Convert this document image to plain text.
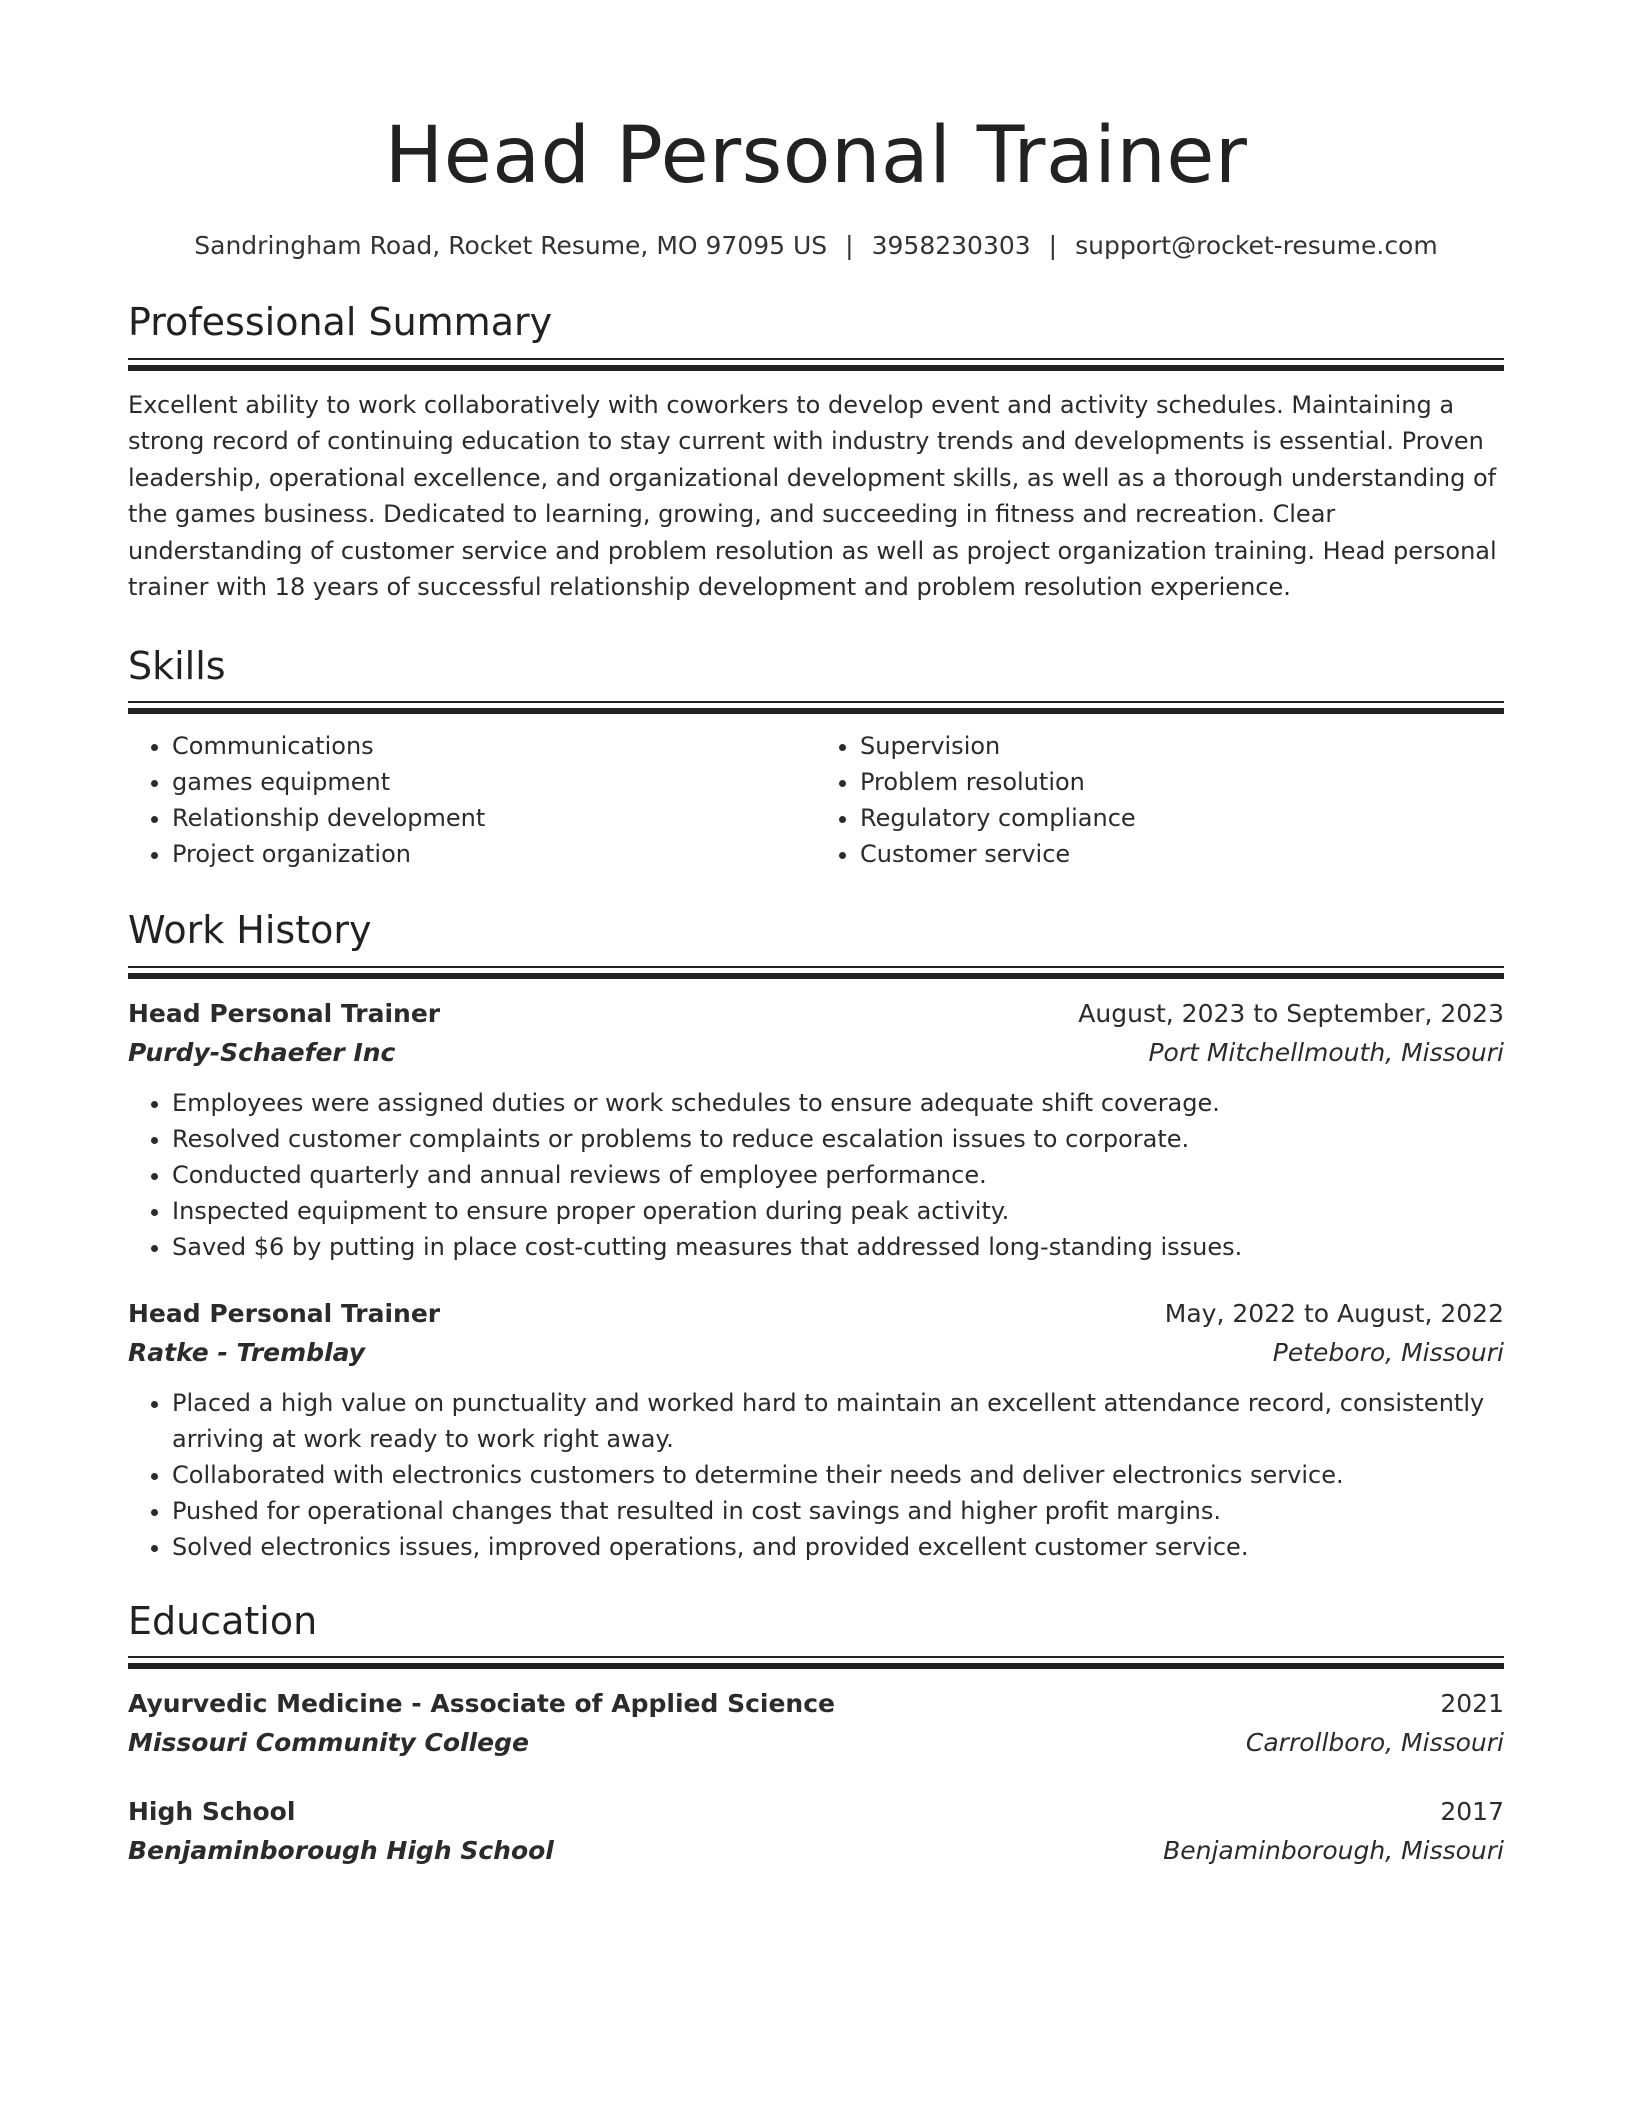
Head Personal Trainer
Sandringham Road, Rocket Resume, MO 97095 US | 3958230303 | support@rocket-resume.com
Professional Summary
Excellent ability to work collaboratively with coworkers to develop event and activity schedules. Maintaining a strong record of continuing education to stay current with industry trends and developments is essential. Proven leadership, operational excellence, and organizational development skills, as well as a thorough understanding of the games business. Dedicated to learning, growing, and succeeding in fitness and recreation. Clear understanding of customer service and problem resolution as well as project organization training. Head personal trainer with 18 years of successful relationship development and problem resolution experience.
Skills
• Communications
• games equipment
• Relationship development
• Project organization
• Supervision
• Problem resolution
• Regulatory compliance
• Customer service
Work History
Head Personal Trainer	August, 2023 to September, 2023
Purdy-Schaefer Inc	Port Mitchellmouth, Missouri
• Employees were assigned duties or work schedules to ensure adequate shift coverage.
• Resolved customer complaints or problems to reduce escalation issues to corporate.
• Conducted quarterly and annual reviews of employee performance.
• Inspected equipment to ensure proper operation during peak activity.
• Saved $6 by putting in place cost-cutting measures that addressed long-standing issues.
Head Personal Trainer	May, 2022 to August, 2022
Ratke - Tremblay	Peteboro, Missouri
• Placed a high value on punctuality and worked hard to maintain an excellent attendance record, consistently arriving at work ready to work right away.
• Collaborated with electronics customers to determine their needs and deliver electronics service.
• Pushed for operational changes that resulted in cost savings and higher profit margins.
• Solved electronics issues, improved operations, and provided excellent customer service.
Education
Ayurvedic Medicine - Associate of Applied Science	2021
Missouri Community College	Carrollboro, Missouri
High School	2017
Benjaminborough High School	Benjaminborough, Missouri
